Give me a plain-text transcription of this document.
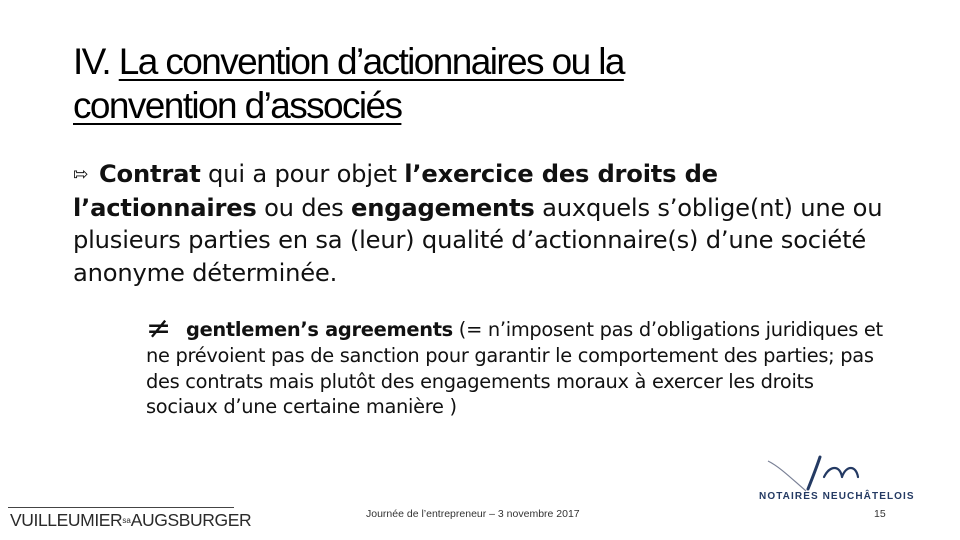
IV. La convention d’actionnaires ou la
convention d’associés
⇰ Contrat qui a pour objet l’exercice des droits de l’actionnaires ou des engagements auxquels s’oblige(nt) une ou plusieurs parties en sa (leur) qualité d’actionnaire(s) d’une société anonyme déterminée.
≠ gentlemen’s agreements (= n’imposent pas d’obligations juridiques et ne prévoient pas de sanction pour garantir le comportement des parties; pas des contrats mais plutôt des engagements moraux à exercer les droits sociaux d’une certaine manière )
VUILLEUMIERsaAUGSBURGER	Journée de l’entrepreneur – 3 novembre 2017	15
NOTAIRES NEUCHÂTELOIS
